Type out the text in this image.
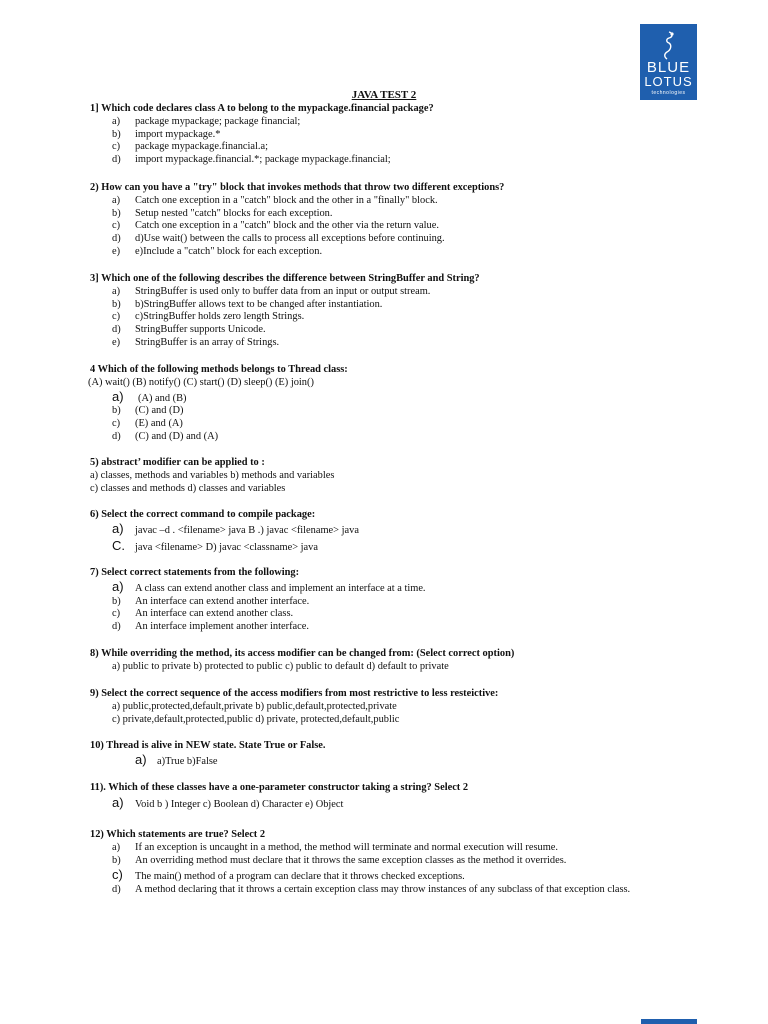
BLUE
LOTUS
technologies
JAVA TEST 2
1] Which code declares class A to belong to the mypackage.financial package?
a) package mypackage; package financial;
b) import mypackage.*
c) package mypackage.financial.a;
d) import mypackage.financial.*; package mypackage.financial;
2) How can you have a "try" block that invokes methods that throw two different exceptions?
a) Catch one exception in a "catch" block and the other in a "finally" block.
b) Setup nested "catch" blocks for each exception.
c) Catch one exception in a "catch" block and the other via the return value.
d) d)Use wait() between the calls to process all exceptions before continuing.
e) e)Include a "catch" block for each exception.
3] Which one of the following describes the difference between StringBuffer and String?
a) StringBuffer is used only to buffer data from an input or output stream.
b) b)StringBuffer allows text to be changed after instantiation.
c) c)StringBuffer holds zero length Strings.
d) StringBuffer supports Unicode.
e) StringBuffer is an array of Strings.
4 Which of the following methods belongs to Thread class:
(A) wait() (B) notify() (C) start() (D) sleep() (E) join()
a) (A) and (B)
b) (C) and (D)
c) (E) and (A)
d) (C) and (D) and (A)
5) abstract’ modifier can be applied to :
a) classes, methods and variables b) methods and variables
c) classes and methods d) classes and variables
6) Select the correct command to compile package:
a) javac –d . <filename> java B .) javac <filename> java
C. java <filename> D) javac <classname> java
7) Select correct statements from the following:
a) A class can extend another class and implement an interface at a time.
b) An interface can extend another interface.
c) An interface can extend another class.
d) An interface implement another interface.
8) While overriding the method, its access modifier can be changed from: (Select correct option)
a) public to private b) protected to public c) public to default d) default to private
9) Select the correct sequence of the access modifiers from most restrictive to less resteictive:
a) public,protected,default,private b) public,default,protected,private
c) private,default,protected,public d) private, protected,default,public
10) Thread is alive in NEW state. State True or False.
a) a)True b)False
11). Which of these classes have a one-parameter constructor taking a string? Select 2
a) Void b ) Integer c) Boolean d) Character e) Object
12) Which statements are true? Select 2
a) If an exception is uncaught in a method, the method will terminate and normal execution will resume.
b) An overriding method must declare that it throws the same exception classes as the method it overrides.
c) The main() method of a program can declare that it throws checked exceptions.
d) A method declaring that it throws a certain exception class may throw instances of any subclass of that exception class.
